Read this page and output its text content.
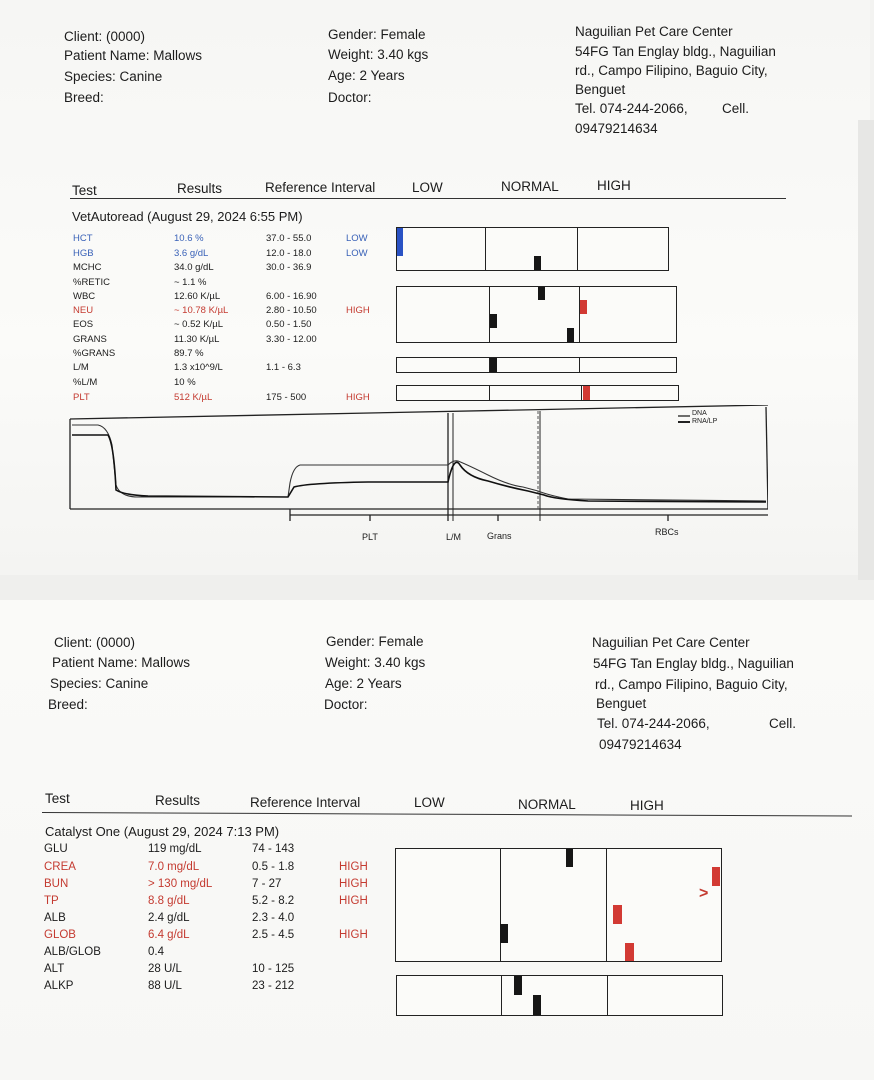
Client: (0000)
Patient Name: Mallows
Species: Canine
Breed:
Gender: Female
Weight: 3.40 kgs
Age: 2 Years
Doctor:
Naguilian Pet Care Center
54FG Tan Englay bldg., Naguilian
rd., Campo Filipino, Baguio City,
Benguet
Tel. 074-244-2066,	Cell.
09479214634
Test	Results	Reference Interval	LOW	NORMAL	HIGH
VetAutoread (August 29, 2024 6:55 PM)
HCT	10.6 %	37.0 - 55.0	LOW
HGB	3.6 g/dL	12.0 - 18.0	LOW
MCHC	34.0 g/dL	30.0 - 36.9
%RETIC	~ 1.1 %
WBC	12.60 K/µL	6.00 - 16.90
NEU	~ 10.78 K/µL	2.80 - 10.50	HIGH
EOS	~ 0.52 K/µL	0.50 - 1.50
GRANS	11.30 K/µL	3.30 - 12.00
%GRANS	89.7 %
L/M	1.3 x10^9/L	1.1 - 6.3
%L/M	10 %
PLT	512 K/µL	175 - 500	HIGH
DNA
RNA/LP
PLT	L/M	Grans	RBCs
Client: (0000)
Patient Name: Mallows
Species: Canine
Breed:
Gender: Female
Weight: 3.40 kgs
Age: 2 Years
Doctor:
Naguilian Pet Care Center
54FG Tan Englay bldg., Naguilian
rd., Campo Filipino, Baguio City,
Benguet
Tel. 074-244-2066,	Cell.
09479214634
Test	Results	Reference Interval	LOW	NORMAL	HIGH
Catalyst One (August 29, 2024 7:13 PM)
GLU	119 mg/dL	74 - 143
CREA	7.0 mg/dL	0.5 - 1.8	HIGH
BUN	> 130 mg/dL	7 - 27	HIGH
TP	8.8 g/dL	5.2 - 8.2	HIGH
ALB	2.4 g/dL	2.3 - 4.0
GLOB	6.4 g/dL	2.5 - 4.5	HIGH
ALB/GLOB	0.4
ALT	28 U/L	10 - 125
ALKP	88 U/L	23 - 212
>
